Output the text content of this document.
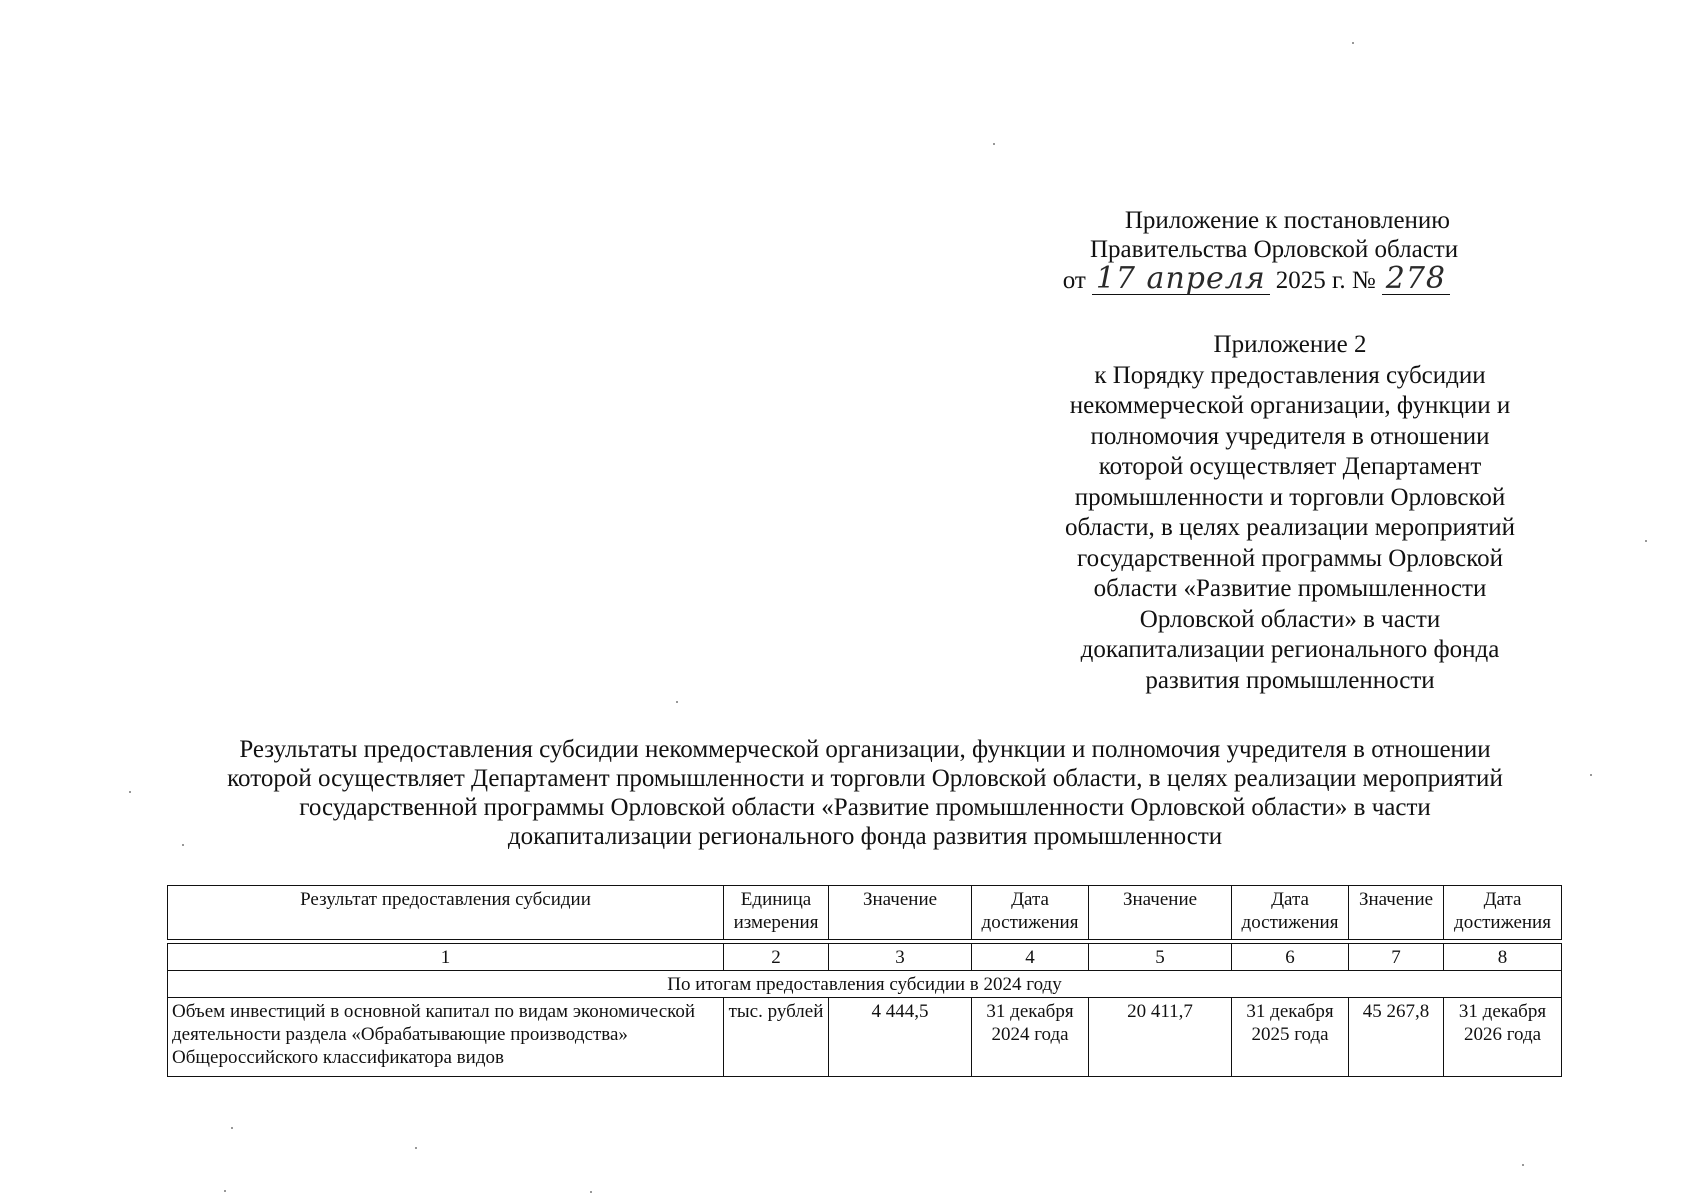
Приложение к постановлению
Правительства Орловской области
от 17 апреля 2025 г. № 278
Приложение 2
к Порядку предоставления субсидии
некоммерческой организации, функции и
полномочия учредителя в отношении
которой осуществляет Департамент
промышленности и торговли Орловской
области, в целях реализации мероприятий
государственной программы Орловской
области «Развитие промышленности
Орловской области» в части
докапитализации регионального фонда
развития промышленности
Результаты предоставления субсидии некоммерческой организации, функции и полномочия учредителя в отношении
которой осуществляет Департамент промышленности и торговли Орловской области, в целях реализации мероприятий
государственной программы Орловской области «Развитие промышленности Орловской области» в части
докапитализации регионального фонда развития промышленности
Результат предоставления субсидии	Единица измерения	Значение	Дата достижения	Значение	Дата достижения	Значение	Дата достижения

1	2	3	4	5	6	7	8
По итогам предоставления субсидии в 2024 году							
Объем инвестиций в основной капитал по видам экономической деятельности раздела «Обрабатывающие производства» Общероссийского классификатора видов	тыс. рублей	4 444,5	31 декабря 2024 года	20 411,7	31 декабря 2025 года	45 267,8	31 декабря 2026 года
